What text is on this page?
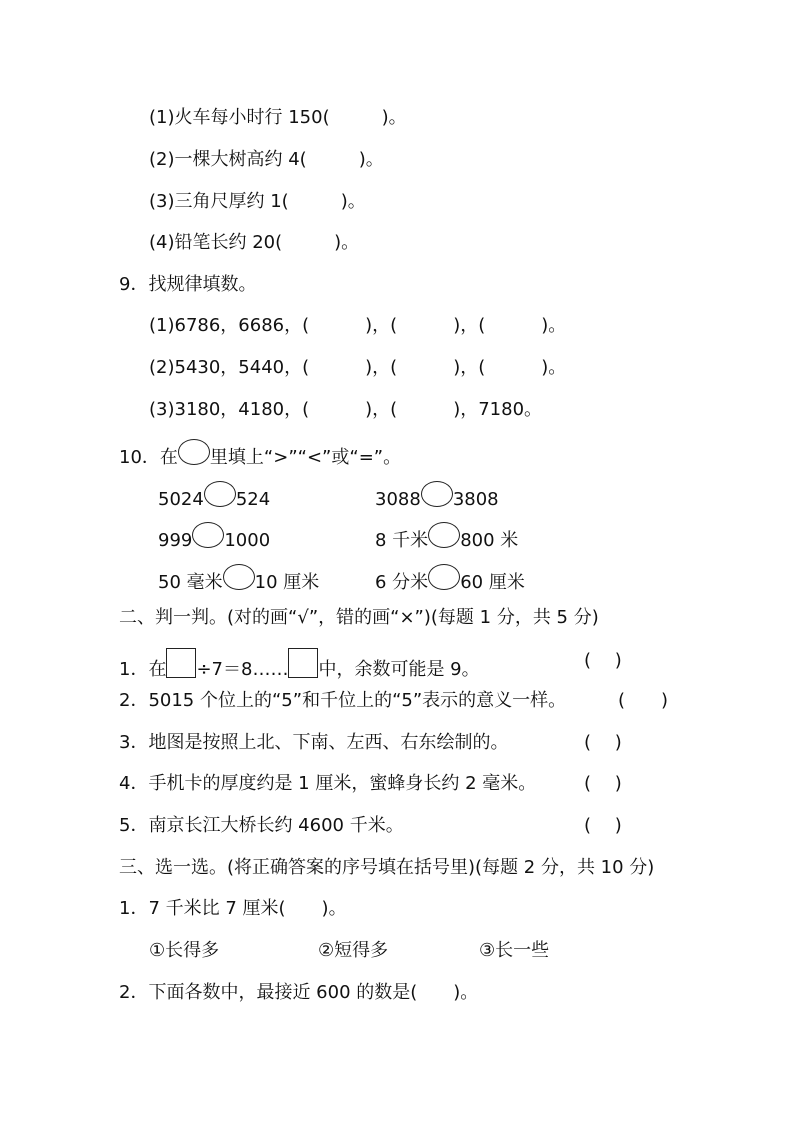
(1)火车每小时行 150(	)。
(2)一棵大树高约 4(	)。
(3)三角尺厚约 1(	)。
(4)铅笔长约 20(	)。
9．找规律填数。
(1)6786，6686，(	)，(	)，(	)。
(2)5430，5440，(	)，(	)，(	)。
(3)3180，4180，(	)，(	)，7180。
10．在 里填上“>”“<”或“=”。
5024 524	3088 3808
999 1000	8 千米 800 米
50 毫米 10 厘米	6 分米 60 厘米
二、判一判。(对的画“√”，错的画“×”)(每题 1 分，共 5 分)
1．在 ÷7＝8…… 中，余数可能是 9。	(　 )
2．5015 个位上的“5”和千位上的“5”表示的意义一样。	(　　)
3．地图是按照上北、下南、左西、右东绘制的。	(　 )
4．手机卡的厚度约是 1 厘米，蜜蜂身长约 2 毫米。	(　 )
5．南京长江大桥长约 4600 千米。	(　 )
三、选一选。(将正确答案的序号填在括号里)(每题 2 分，共 10 分)
1．7 千米比 7 厘米(　　)。
①长得多	②短得多	③长一些
2．下面各数中，最接近 600 的数是(　　)。
